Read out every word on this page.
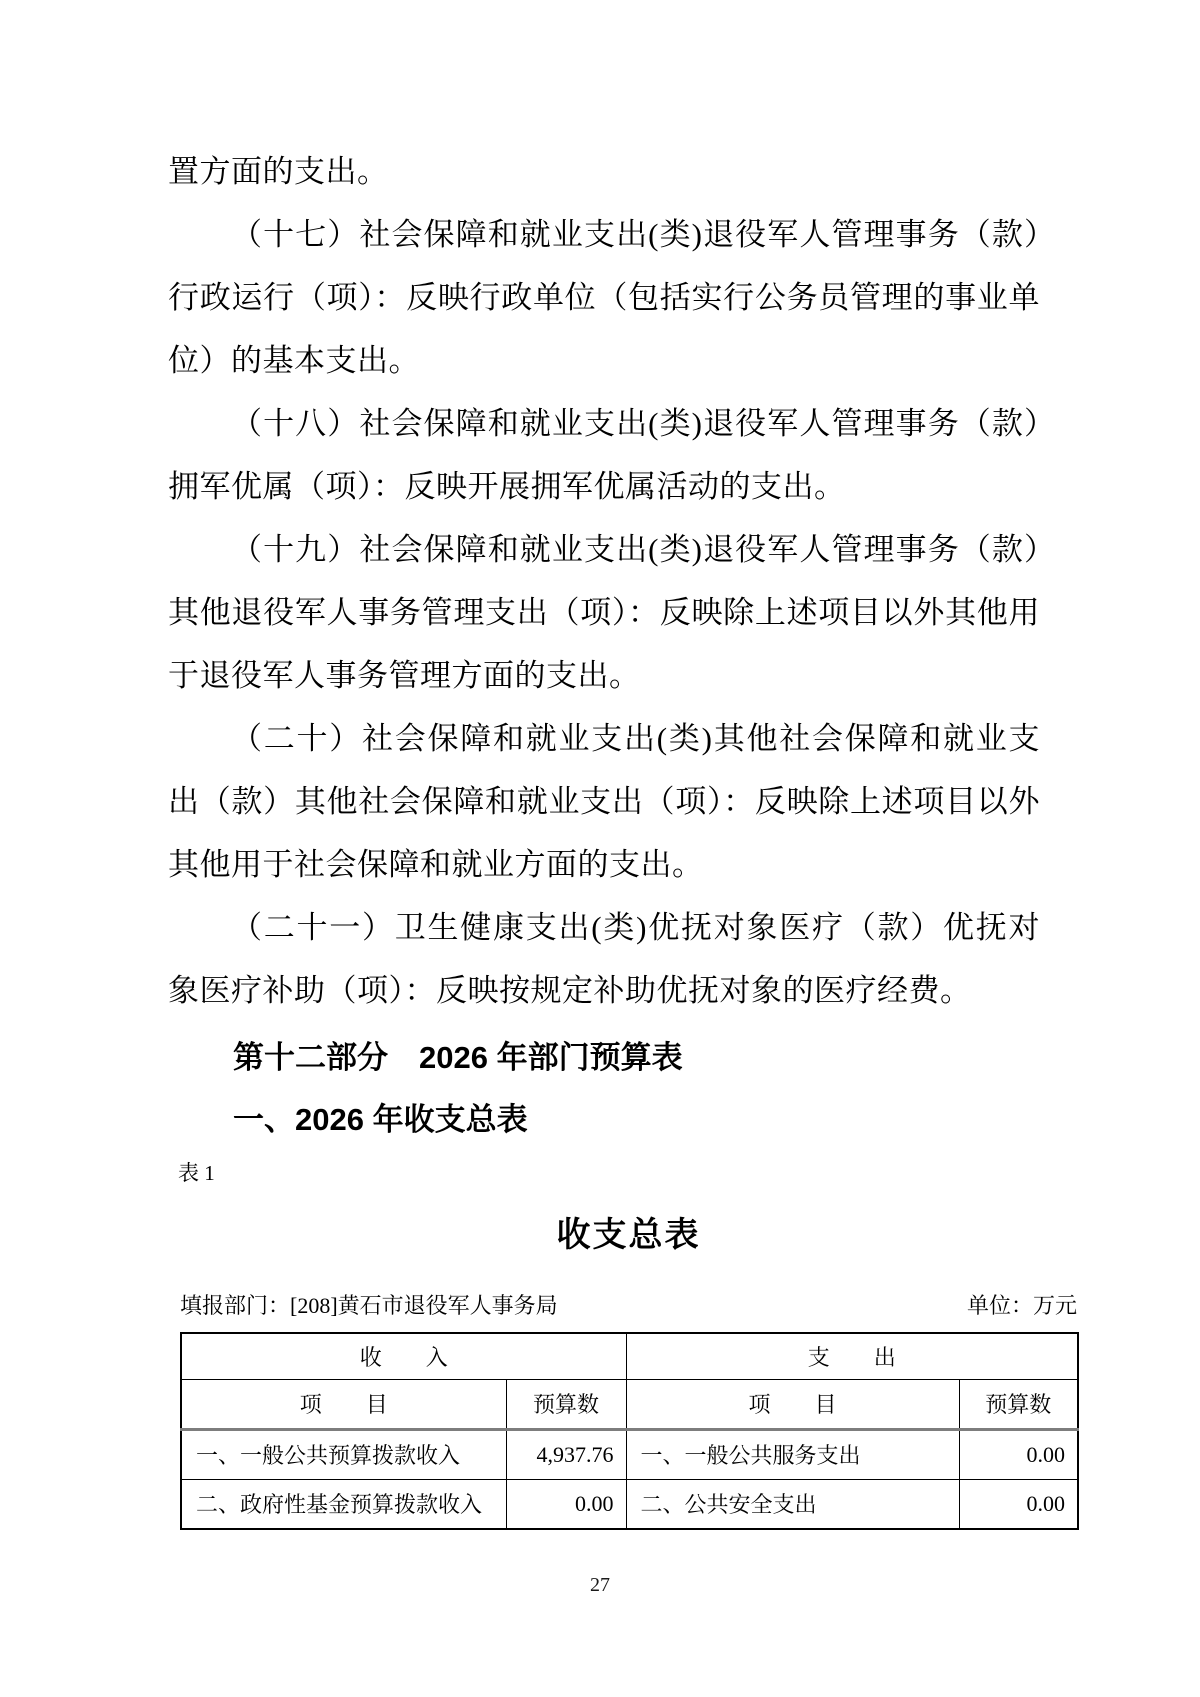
置方面的支出。

（十七）社会保障和就业支出(类)退役军人管理事务（款）行政运行（项）：反映行政单位（包括实行公务员管理的事业单位）的基本支出。

（十八）社会保障和就业支出(类)退役军人管理事务（款）拥军优属（项）：反映开展拥军优属活动的支出。

（十九）社会保障和就业支出(类)退役军人管理事务（款）其他退役军人事务管理支出（项）：反映除上述项目以外其他用于退役军人事务管理方面的支出。

（二十）社会保障和就业支出(类)其他社会保障和就业支出（款）其他社会保障和就业支出（项）：反映除上述项目以外其他用于社会保障和就业方面的支出。

（二十一）卫生健康支出(类)优抚对象医疗（款）优抚对象医疗补助（项）：反映按规定补助优抚对象的医疗经费。

第十二部分　2026 年部门预算表
一、2026 年收支总表
表 1
收支总表
填报部门：[208]黄石市退役军人事务局	单位：万元
收　　入		支　　出	
项　　目	预算数	项　　目	预算数
一、一般公共预算拨款收入	4,937.76	一、一般公共服务支出	0.00
二、政府性基金预算拨款收入	0.00	二、公共安全支出	0.00
27
